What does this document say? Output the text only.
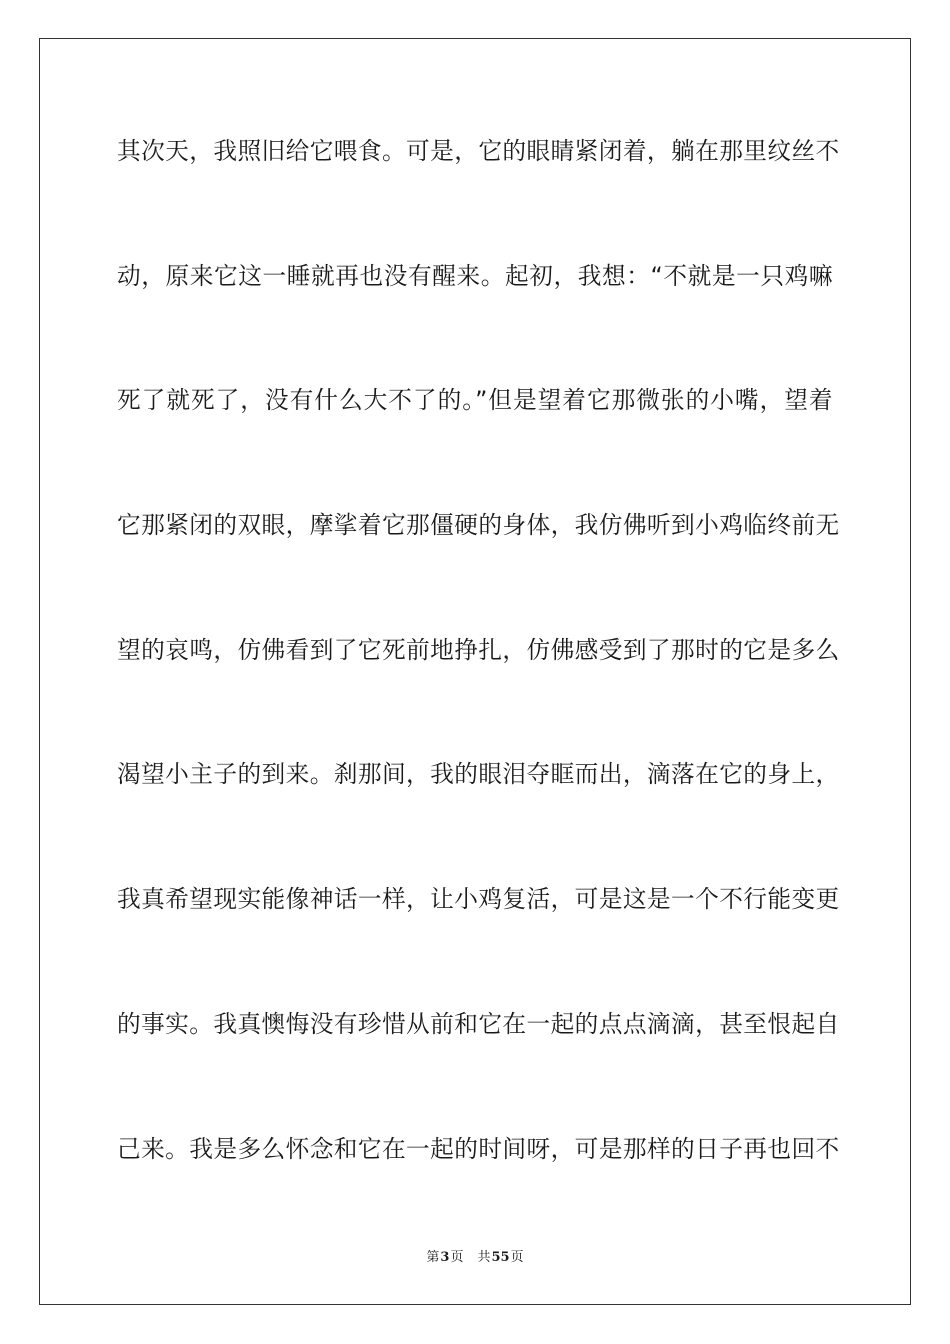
其次天，我照旧给它喂食。可是，它的眼睛紧闭着，躺在那里纹丝不
动，原来它这一睡就再也没有醒来。起初，我想：“不就是一只鸡嘛
死了就死了，没有什么大不了的。”但是望着它那微张的小嘴，望着
它那紧闭的双眼，摩挲着它那僵硬的身体，我仿佛听到小鸡临终前无
望的哀鸣，仿佛看到了它死前地挣扎，仿佛感受到了那时的它是多么
渴望小主子的到来。刹那间，我的眼泪夺眶而出，滴落在它的身上，
我真希望现实能像神话一样，让小鸡复活，可是这是一个不行能变更
的事实。我真懊悔没有珍惜从前和它在一起的点点滴滴，甚至恨起自
己来。我是多么怀念和它在一起的时间呀，可是那样的日子再也回不
第3页 共55页
